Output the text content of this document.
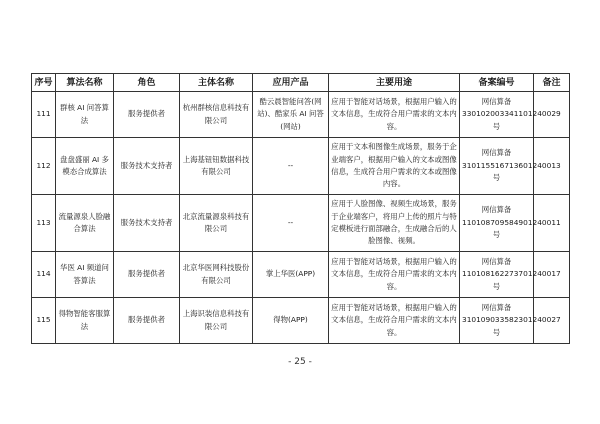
序号	算法名称	角色	主体名称	应用产品	主要用途	备案编号	备注
111	群核 AI 问答算法	服务提供者	杭州群核信息科技有限公司	酷云晨智能问答(网站)、酷家乐 AI 问答(网站)	应用于智能对话场景，根据用户输入的文本信息，生成符合用户需求的文本内容。	网信算备330102003341101240029 号	
112	盘盘盛丽 AI 多模态合成算法	服务技术支持者	上海基钮钮数据科技有限公司	--	应用于文本和图像生成场景，服务于企业端客户，根据用户输入的文本或图像信息，生成符合用户需求的文本或图像内容。	网信算备310115516713601240013 号	
113	流量源泉人脸融合算法	服务技术支持者	北京流量源泉科技有限公司	--	应用于人脸图像、视频生成场景，服务于企业端客户，将用户上传的照片与特定模板进行面部融合，生成融合后的人脸图像、视频。	网信算备110108709584901240011 号	
114	华医 AI 频道问答算法	服务提供者	北京华医网科技股份有限公司	掌上华医(APP)	应用于智能对话场景，根据用户输入的文本信息，生成符合用户需求的文本内容。	网信算备110108162273701240017 号	
115	得物智能客服算法	服务提供者	上海识装信息科技有限公司	得物(APP)	应用于智能对话场景，根据用户输入的文本信息，生成符合用户需求的文本内容。	网信算备310109033582301240027 号	
- 25 -
